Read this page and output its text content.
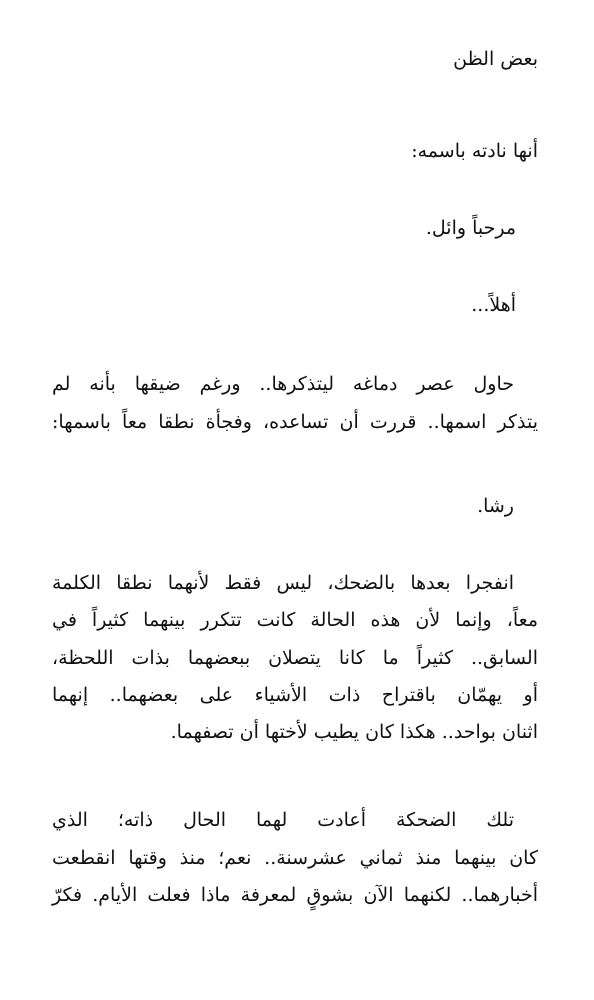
بعض الظن
أنها نادته باسمه:
مرحباً وائل.
أهلاً...
حاول عصر دماغه ليتذكرها.. ورغم ضيقها بأنه لم
يتذكر اسمها.. قررت أن تساعده، وفجأة نطقا معاً باسمها:
رشا.
انفجرا بعدها بالضحك، ليس فقط لأنهما نطقا الكلمة
معاً، وإنما لأن هذه الحالة كانت تتكرر بينهما كثيراً في
السابق.. كثيراً ما كانا يتصلان ببعضهما بذات اللحظة،
أو يهمّان باقتراح ذات الأشياء على بعضهما.. إنهما
اثنان بواحد.. هكذا كان يطيب لأختها أن تصفهما.
تلك الضحكة أعادت لهما الحال ذاته؛ الذي
كان بينهما منذ ثماني عشرسنة.. نعم؛ منذ وقتها انقطعت
أخبارهما.. لكنهما الآن بشوقٍ لمعرفة ماذا فعلت الأيام. فكرّ
